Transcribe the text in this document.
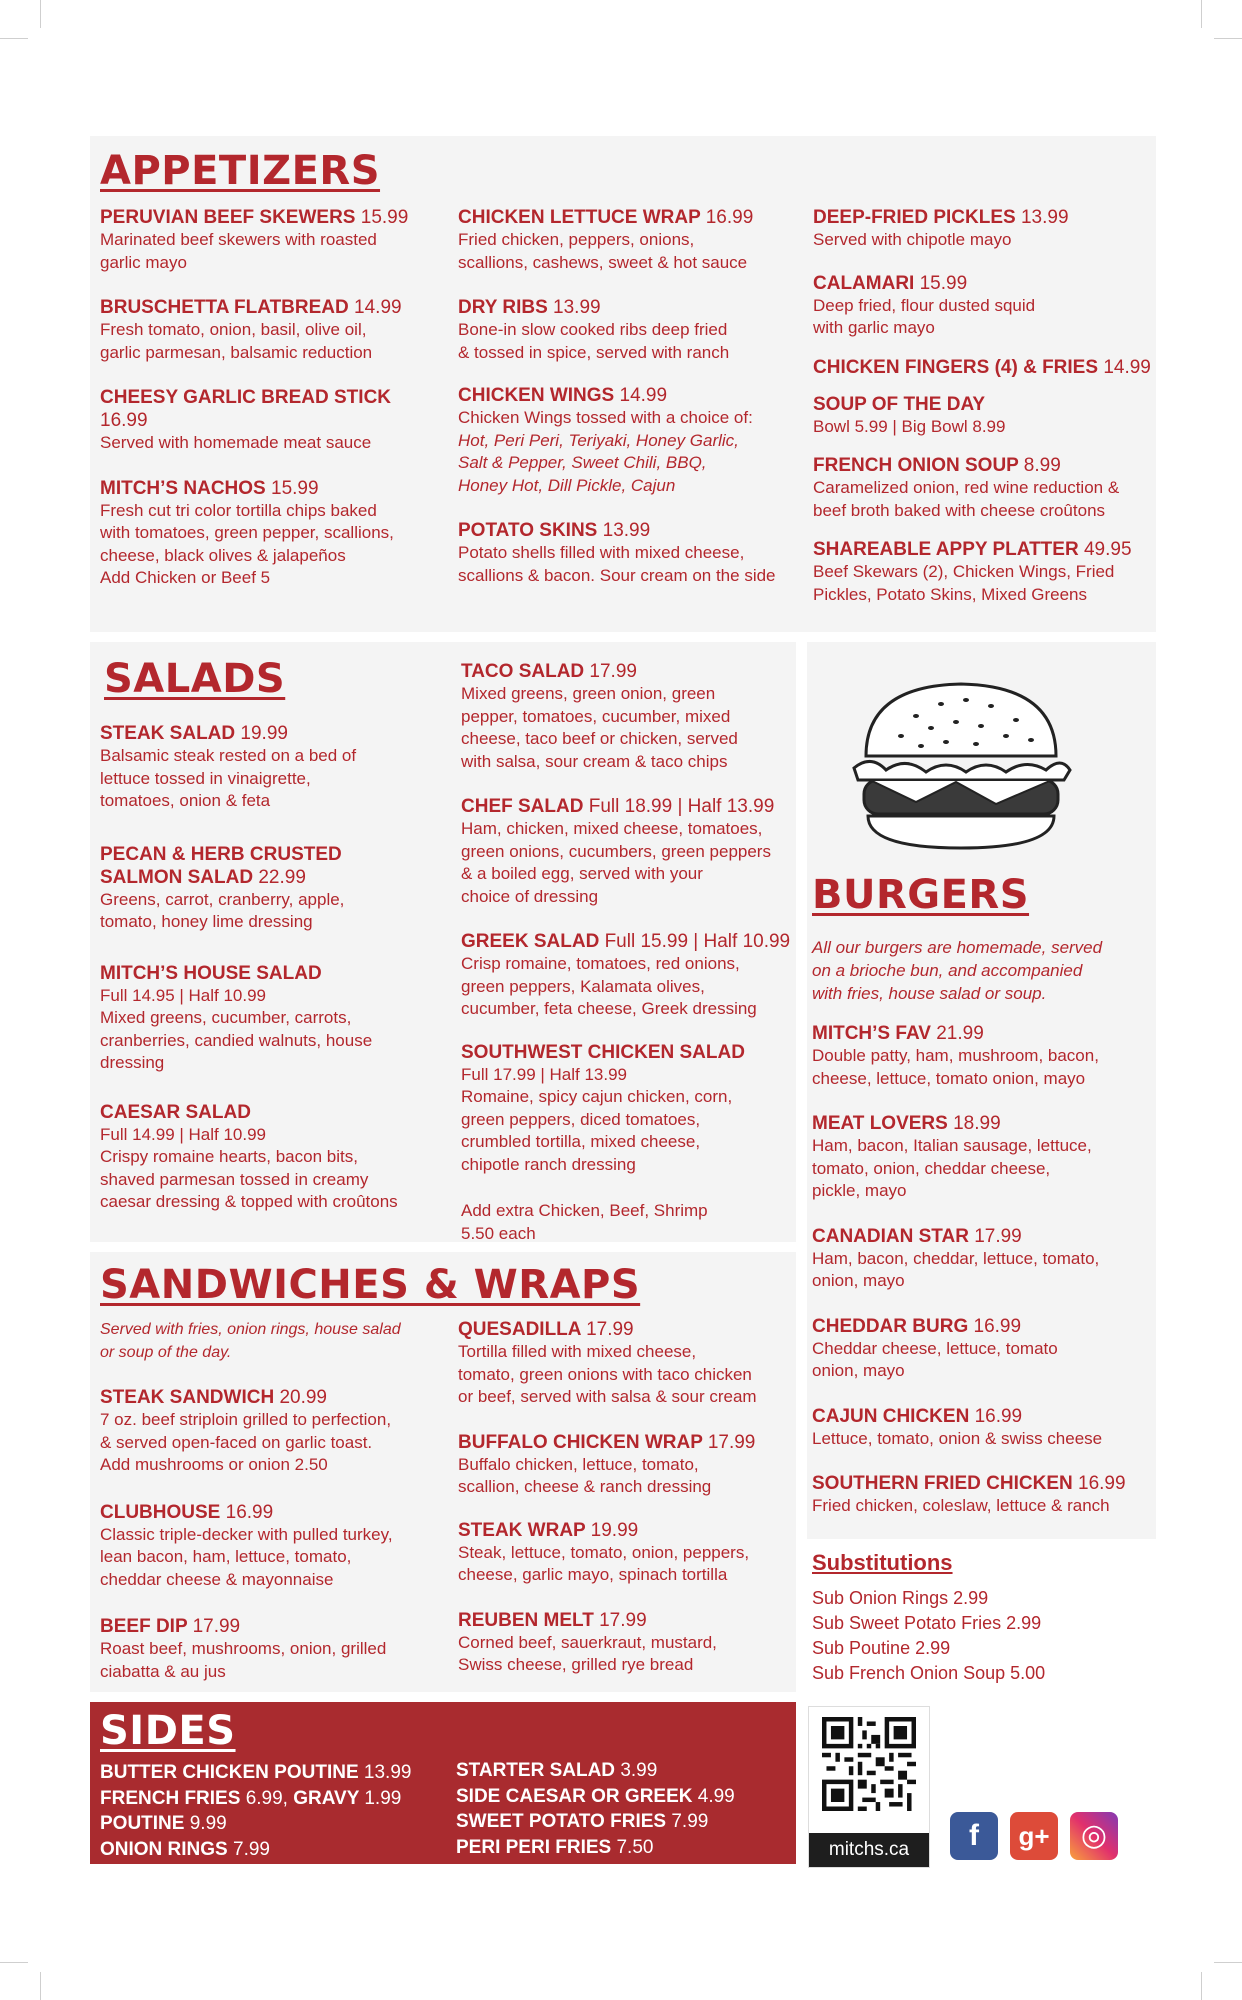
APPETIZERS
PERUVIAN BEEF SKEWERS 15.99
Marinated beef skewers with roasted
garlic mayo
BRUSCHETTA FLATBREAD 14.99
Fresh tomato, onion, basil, olive oil,
garlic parmesan, balsamic reduction
CHEESY GARLIC BREAD STICK 16.99
Served with homemade meat sauce
MITCH’S NACHOS 15.99
Fresh cut tri color tortilla chips baked
with tomatoes, green pepper, scallions,
cheese, black olives & jalapeños
Add Chicken or Beef 5
CHICKEN LETTUCE WRAP 16.99
Fried chicken, peppers, onions,
scallions, cashews, sweet & hot sauce
DRY RIBS 13.99
Bone-in slow cooked ribs deep fried
& tossed in spice, served with ranch
CHICKEN WINGS 14.99
Chicken Wings tossed with a choice of:
Hot, Peri Peri, Teriyaki, Honey Garlic,
Salt & Pepper, Sweet Chili, BBQ,
Honey Hot, Dill Pickle, Cajun
POTATO SKINS 13.99
Potato shells filled with mixed cheese,
scallions & bacon. Sour cream on the side
DEEP-FRIED PICKLES 13.99
Served with chipotle mayo
CALAMARI 15.99
Deep fried, flour dusted squid
with garlic mayo
CHICKEN FINGERS (4) & FRIES 14.99
SOUP OF THE DAY
Bowl 5.99 | Big Bowl 8.99
FRENCH ONION SOUP 8.99
Caramelized onion, red wine reduction &
beef broth baked with cheese croûtons
SHAREABLE APPY PLATTER 49.95
Beef Skewars (2), Chicken Wings, Fried
Pickles, Potato Skins, Mixed Greens
SALADS
STEAK SALAD 19.99
Balsamic steak rested on a bed of
lettuce tossed in vinaigrette,
tomatoes, onion & feta
PECAN & HERB CRUSTED
SALMON SALAD 22.99
Greens, carrot, cranberry, apple,
tomato, honey lime dressing
MITCH’S HOUSE SALAD
Full 14.95 | Half 10.99
Mixed greens, cucumber, carrots,
cranberries, candied walnuts, house
dressing
CAESAR SALAD
Full 14.99 | Half 10.99
Crispy romaine hearts, bacon bits,
shaved parmesan tossed in creamy
caesar dressing & topped with croûtons
TACO SALAD 17.99
Mixed greens, green onion, green
pepper, tomatoes, cucumber, mixed
cheese, taco beef or chicken, served
with salsa, sour cream & taco chips
CHEF SALAD Full 18.99 | Half 13.99
Ham, chicken, mixed cheese, tomatoes,
green onions, cucumbers, green peppers
& a boiled egg, served with your
choice of dressing
GREEK SALAD Full 15.99 | Half 10.99
Crisp romaine, tomatoes, red onions,
green peppers, Kalamata olives,
cucumber, feta cheese, Greek dressing
SOUTHWEST CHICKEN SALAD
Full 17.99 | Half 13.99
Romaine, spicy cajun chicken, corn,
green peppers, diced tomatoes,
crumbled tortilla, mixed cheese,
chipotle ranch dressing
Add extra Chicken, Beef, Shrimp
5.50 each
BURGERS
All our burgers are homemade, served
on a brioche bun, and accompanied
with fries, house salad or soup.
MITCH’S FAV 21.99
Double patty, ham, mushroom, bacon,
cheese, lettuce, tomato onion, mayo
MEAT LOVERS 18.99
Ham, bacon, Italian sausage, lettuce,
tomato, onion, cheddar cheese,
pickle, mayo
CANADIAN STAR 17.99
Ham, bacon, cheddar, lettuce, tomato,
onion, mayo
CHEDDAR BURG 16.99
Cheddar cheese, lettuce, tomato
onion, mayo
CAJUN CHICKEN 16.99
Lettuce, tomato, onion & swiss cheese
SOUTHERN FRIED CHICKEN 16.99
Fried chicken, coleslaw, lettuce & ranch
SANDWICHES & WRAPS
Served with fries, onion rings, house salad
or soup of the day.
STEAK SANDWICH 20.99
7 oz. beef striploin grilled to perfection,
& served open-faced on garlic toast.
Add mushrooms or onion 2.50
CLUBHOUSE 16.99
Classic triple-decker with pulled turkey,
lean bacon, ham, lettuce, tomato,
cheddar cheese & mayonnaise
BEEF DIP 17.99
Roast beef, mushrooms, onion, grilled
ciabatta & au jus
QUESADILLA 17.99
Tortilla filled with mixed cheese,
tomato, green onions with taco chicken
or beef, served with salsa & sour cream
BUFFALO CHICKEN WRAP 17.99
Buffalo chicken, lettuce, tomato,
scallion, cheese & ranch dressing
STEAK WRAP 19.99
Steak, lettuce, tomato, onion, peppers,
cheese, garlic mayo, spinach tortilla
REUBEN MELT 17.99
Corned beef, sauerkraut, mustard,
Swiss cheese, grilled rye bread
Substitutions
Sub Onion Rings 2.99
Sub Sweet Potato Fries 2.99
Sub Poutine 2.99
Sub French Onion Soup 5.00
SIDES
BUTTER CHICKEN POUTINE 13.99
FRENCH FRIES 6.99, GRAVY 1.99
POUTINE 9.99
ONION RINGS 7.99
STARTER SALAD 3.99
SIDE CAESAR OR GREEK 4.99
SWEET POTATO FRIES 7.99
PERI PERI FRIES 7.50	mitchs.ca	f	g+	◎
